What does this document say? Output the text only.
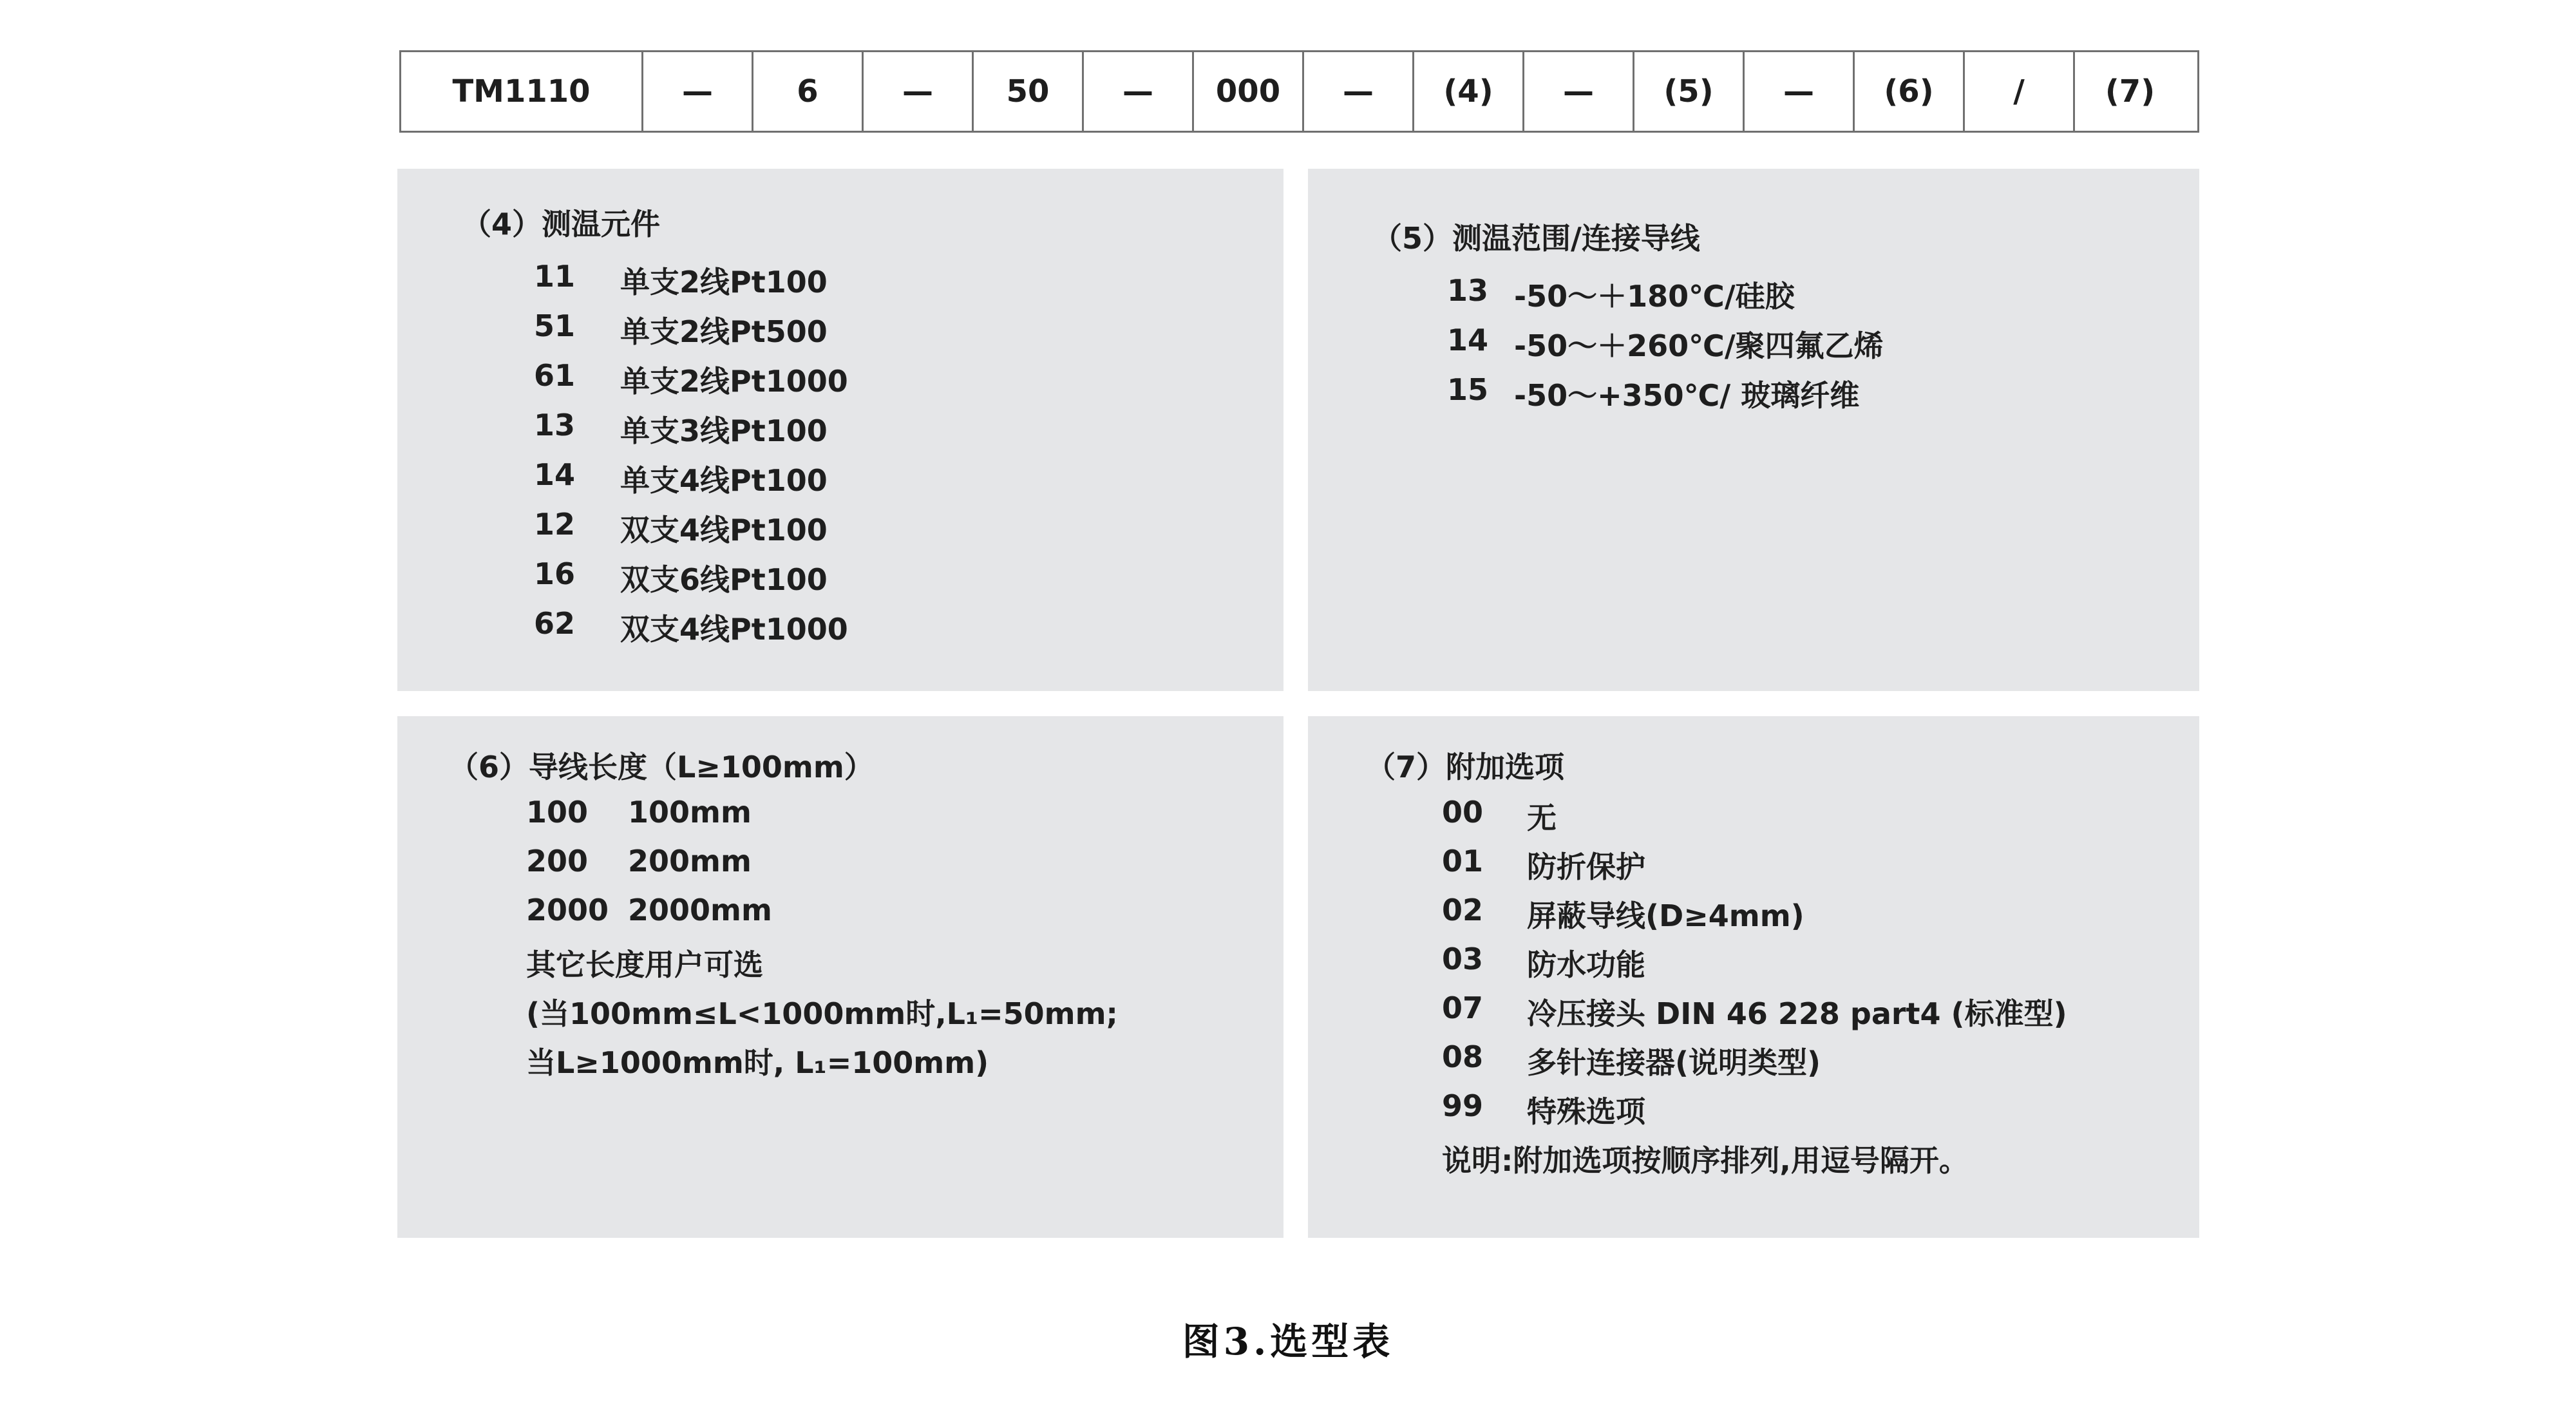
TM1110	—	6	—	50	—	000	—	(4)	—	(5)	—	(6)	/	(7)
（4）测温元件
11	单支2线Pt100
51	单支2线Pt500
61	单支2线Pt1000
13	单支3线Pt100
14	单支4线Pt100
12	双支4线Pt100
16	双支6线Pt100
62	双支4线Pt1000
（5）测温范围/连接导线
13 -50～＋180℃/硅胶
14 -50～＋260℃/聚四氟乙烯
15 -50～+350℃/ 玻璃纤维
（6）导线长度（L≥100mm）
100	100mm
200	200mm
2000 2000mm
其它长度用户可选
(当100mm≤L<1000mm时,L₁=50mm;
当L≥1000mm时, L₁=100mm)
（7）附加选项
00	无
01	防折保护
02	屏蔽导线(D≥4mm)
03	防水功能
07	冷压接头 DIN 46 228 part4 (标准型)
08	多针连接器(说明类型)
99	特殊选项
说明:附加选项按顺序排列,用逗号隔开。
图3.选型表
